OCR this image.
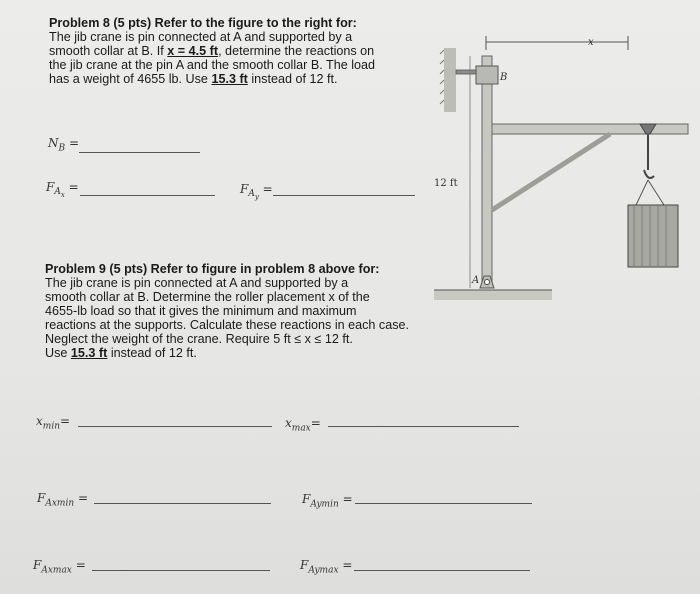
Problem 8 (5 pts) Refer to the figure to the right for:
The jib crane is pin connected at A and supported by a
smooth collar at B. If x = 4.5 ft, determine the reactions on
the jib crane at the pin A and the smooth collar B. The load
has a weight of 4655 lb. Use 15.3 ft instead of 12 ft.
$N_B$ =
$F_{A_x}$ =	$F_{A_y}$ =
Problem 9 (5 pts) Refer to figure in problem 8 above for:
The jib crane is pin connected at A and supported by a
smooth collar at B. Determine the roller placement x of the
4655-lb load so that it gives the minimum and maximum
reactions at the supports. Calculate these reactions in each case.
Neglect the weight of the crane. Require 5 ft ≤ x ≤ 12 ft.
Use 15.3 ft instead of 12 ft.
$x_{min}=$	$x_{max}=$
$F_{Axmin}$ =	$F_{Aymin}$ =
$F_{Axmax}$ =	$F_{Aymax}$ =
x
B
12 ft
A
